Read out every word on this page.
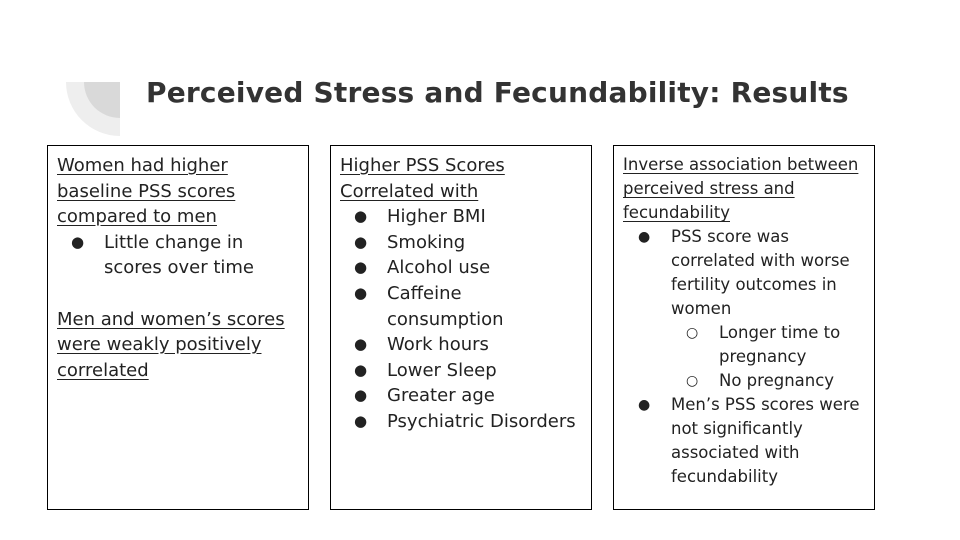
Perceived Stress and Fecundability: Results

Women had higher baseline PSS scores compared to men

● Little change in scores over time

Men and women’s scores were weakly positively correlated

Higher PSS Scores Correlated with

● Higher BMI
● Smoking
● Alcohol use
● Caffeine consumption
● Work hours
● Lower Sleep
● Greater age
● Psychiatric Disorders

Inverse association between perceived stress and fecundability

● PSS score was correlated with worse fertility outcomes in women
○ Longer time to pregnancy
○ No pregnancy
● Men’s PSS scores were not significantly associated with fecundability
